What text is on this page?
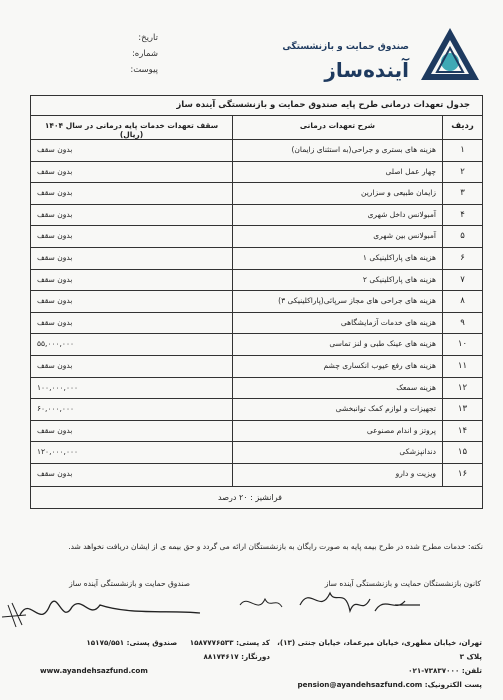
تاریخ:
شماره:
پیوست:
صندوق حمایت و بازنشستگی
آینده‌ساز
جدول تعهدات درمانی طرح پایه صندوق حمایت و بازنشستگی آینده ساز
ردیف
شرح تعهدات درمانی
سقف تعهدات خدمات پایه درمانی در سال ۱۴۰۴ (ریال)
۱
هزینه های بستری و جراحی(به استثنای زایمان)
بدون سقف
۲
چهار عمل اصلی
بدون سقف
۳
زایمان طبیعی و سزارین
بدون سقف
۴
آمبولانس داخل شهری
بدون سقف
۵
آمبولانس بین شهری
بدون سقف
۶
هزینه های پاراکلینیکی ۱
بدون سقف
۷
هزینه های پاراکلینیکی ۲
بدون سقف
۸
هزینه های جراحی های مجاز سرپائی(پاراکلینیکی ۳)
بدون سقف
۹
هزینه های خدمات آزمایشگاهی
بدون سقف
۱۰
هزینه های عینک طبی و لنز تماسی
۵۵,۰۰۰,۰۰۰
۱۱
هزینه های رفع عیوب انکساری چشم
بدون سقف
۱۲
هزینه سمعک
۱۰۰,۰۰۰,۰۰۰
۱۳
تجهیزات و لوازم کمک توانبخشی
۶۰,۰۰۰,۰۰۰
۱۴
پروتز و اندام مصنوعی
بدون سقف
۱۵
دندانپزشکی
۱۲۰,۰۰۰,۰۰۰
۱۶
ویزیت و دارو
بدون سقف
فرانشیز : ۲۰ درصد
نکته: خدمات مطرح شده در طرح بیمه پایه به صورت رایگان به بازنشستگان ارائه می گردد و حق بیمه ی از ایشان دریافت نخواهد شد.
کانون بازنشستگان حمایت و بازنشستگی آینده ساز
صندوق حمایت و بازنشستگی آینده ساز
تهران، خیابان مطهری، خیابان میرعماد، خیابان جنتی (۱۳)، پلاک ۳
تلفن: ۷۳۸۳۷۰۰۰-۰۲۱
پست الکترونیک: pension@ayandehsazfund.com
کد پستی: ۱۵۸۷۷۷۶۵۳۳     صندوق پستی: ۱۵۱۷۵/۵۵۱
دورنگار: ۸۸۱۷۴۶۱۷
www.ayandehsazfund.com
